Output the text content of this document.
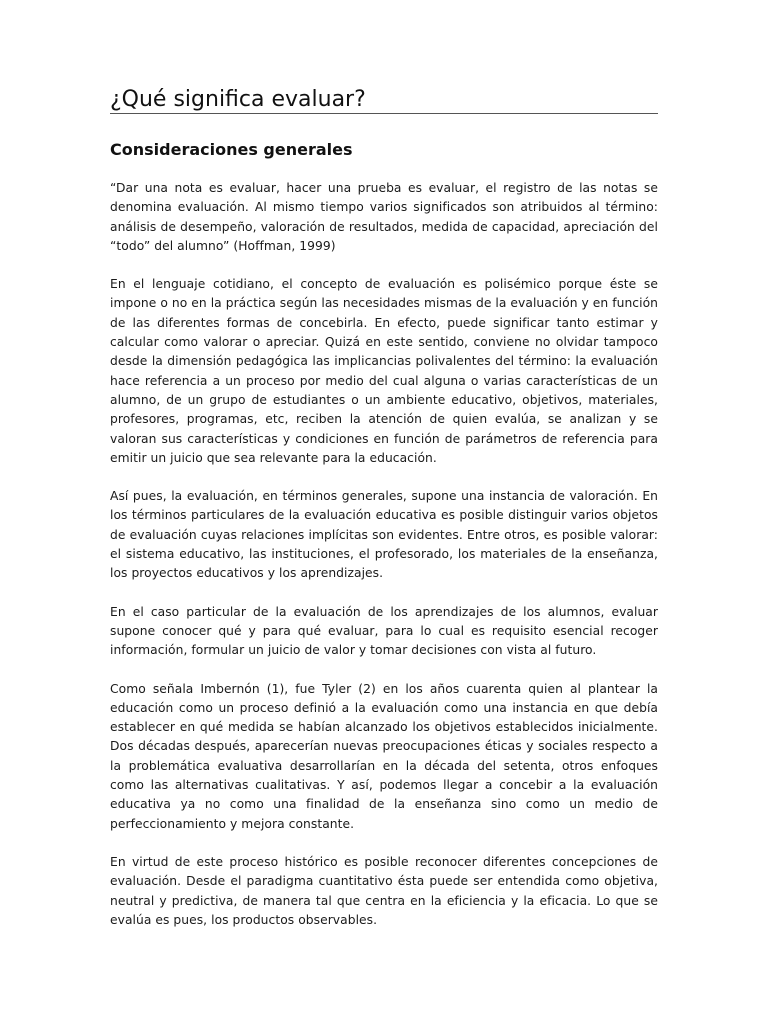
¿Qué significa evaluar?
Consideraciones generales

“Dar una nota es evaluar, hacer una prueba es evaluar, el registro de las notas se denomina evaluación. Al mismo tiempo varios significados son atribuidos al término: análisis de desempeño, valoración de resultados, medida de capacidad, apreciación del “todo” del alumno” (Hoffman, 1999)

En el lenguaje cotidiano, el concepto de evaluación es polisémico porque éste se impone o no en la práctica según las necesidades mismas de la evaluación y en función de las diferentes formas de concebirla. En efecto, puede significar tanto estimar y calcular como valorar o apreciar. Quizá en este sentido, conviene no olvidar tampoco desde la dimensión pedagógica las implicancias polivalentes del término: la evaluación hace referencia a un proceso por medio del cual alguna o varias características de un alumno, de un grupo de estudiantes o un ambiente educativo, objetivos, materiales, profesores, programas, etc, reciben la atención de quien evalúa, se analizan y se valoran sus características y condiciones en función de parámetros de referencia para emitir un juicio que sea relevante para la educación.

Así pues, la evaluación, en términos generales, supone una instancia de valoración. En los términos particulares de la evaluación educativa es posible distinguir varios objetos de evaluación cuyas relaciones implícitas son evidentes. Entre otros, es posible valorar: el sistema educativo, las instituciones, el profesorado, los materiales de la enseñanza, los proyectos educativos y los aprendizajes.

En el caso particular de la evaluación de los aprendizajes de los alumnos, evaluar supone conocer qué y para qué evaluar, para lo cual es requisito esencial recoger información, formular un juicio de valor y tomar decisiones con vista al futuro.

Como señala Imbernón (1), fue Tyler (2) en los años cuarenta quien al plantear la educación como un proceso definió a la evaluación como una instancia en que debía establecer en qué medida se habían alcanzado los objetivos establecidos inicialmente. Dos décadas después, aparecerían nuevas preocupaciones éticas y sociales respecto a la problemática evaluativa desarrollarían en la década del setenta, otros enfoques como las alternativas cualitativas. Y así, podemos llegar a concebir a la evaluación educativa ya no como una finalidad de la enseñanza sino como un medio de perfeccionamiento y mejora constante.

En virtud de este proceso histórico es posible reconocer diferentes concepciones de evaluación. Desde el paradigma cuantitativo ésta puede ser entendida como objetiva, neutral y predictiva, de manera tal que centra en la eficiencia y la eficacia. Lo que se evalúa es pues, los productos observables.
